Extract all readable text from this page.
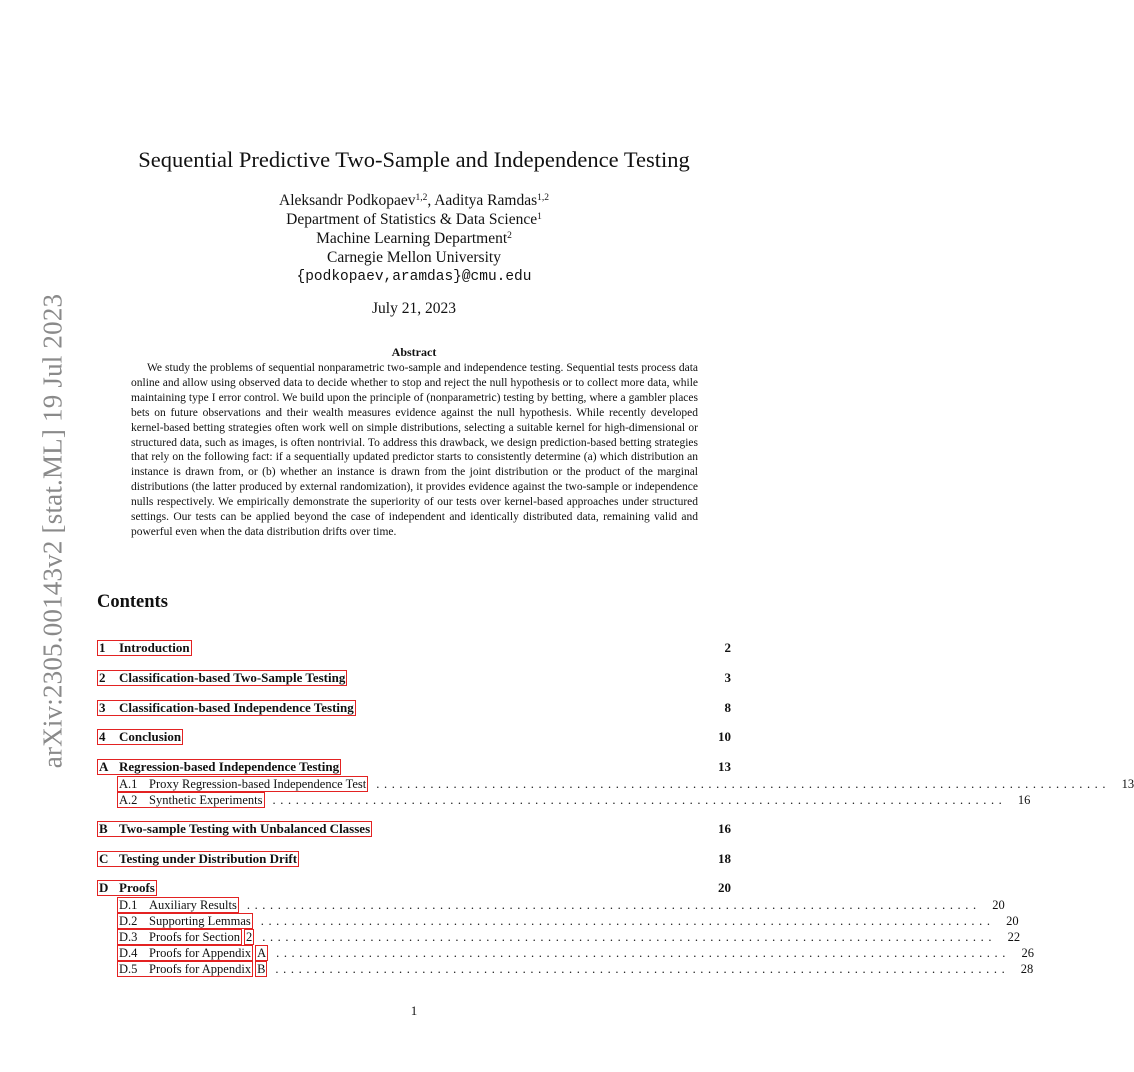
arXiv:2305.00143v2 [stat.ML] 19 Jul 2023
Sequential Predictive Two-Sample and Independence Testing
Aleksandr Podkopaev$^{1,2}$, Aaditya Ramdas$^{1,2}$
Department of Statistics & Data Science$^1$
Machine Learning Department$^2$
Carnegie Mellon University
{podkopaev,aramdas}@cmu.edu
July 21, 2023
Abstract

We study the problems of sequential nonparametric two-sample and independence testing. Sequential tests process data online and allow using observed data to decide whether to stop and reject the null hypothesis or to collect more data, while maintaining type I error control. We build upon the principle of (nonparametric) testing by betting, where a gambler places bets on future observations and their wealth measures evidence against the null hypothesis. While recently developed kernel-based betting strategies often work well on simple distributions, selecting a suitable kernel for high-dimensional or structured data, such as images, is often nontrivial. To address this drawback, we design prediction-based betting strategies that rely on the following fact: if a sequentially updated predictor starts to consistently determine (a) which distribution an instance is drawn from, or (b) whether an instance is drawn from the joint distribution or the product of the marginal distributions (the latter produced by external randomization), it provides evidence against the two-sample or independence nulls respectively. We empirically demonstrate the superiority of our tests over kernel-based approaches under structured settings. Our tests can be applied beyond the case of independent and identically distributed data, remaining valid and powerful even when the data distribution drifts over time.

Contents
1 Introduction	2
2 Classification-based Two-Sample Testing	3
3 Classification-based Independence Testing	8
4 Conclusion	10
A Regression-based Independence Testing	13
A.1 Proxy Regression-based Independence Test ............................................................................................... 13
A.2 Synthetic Experiments ............................................................................................... 16
B Two-sample Testing with Unbalanced Classes	16
C Testing under Distribution Drift	18
D Proofs	20
D.1 Auxiliary Results ............................................................................................... 20
D.2 Supporting Lemmas ............................................................................................... 20
D.3 Proofs for Section 2 ............................................................................................... 22
D.4 Proofs for Appendix A ............................................................................................... 26
D.5 Proofs for Appendix B ............................................................................................... 28
1
